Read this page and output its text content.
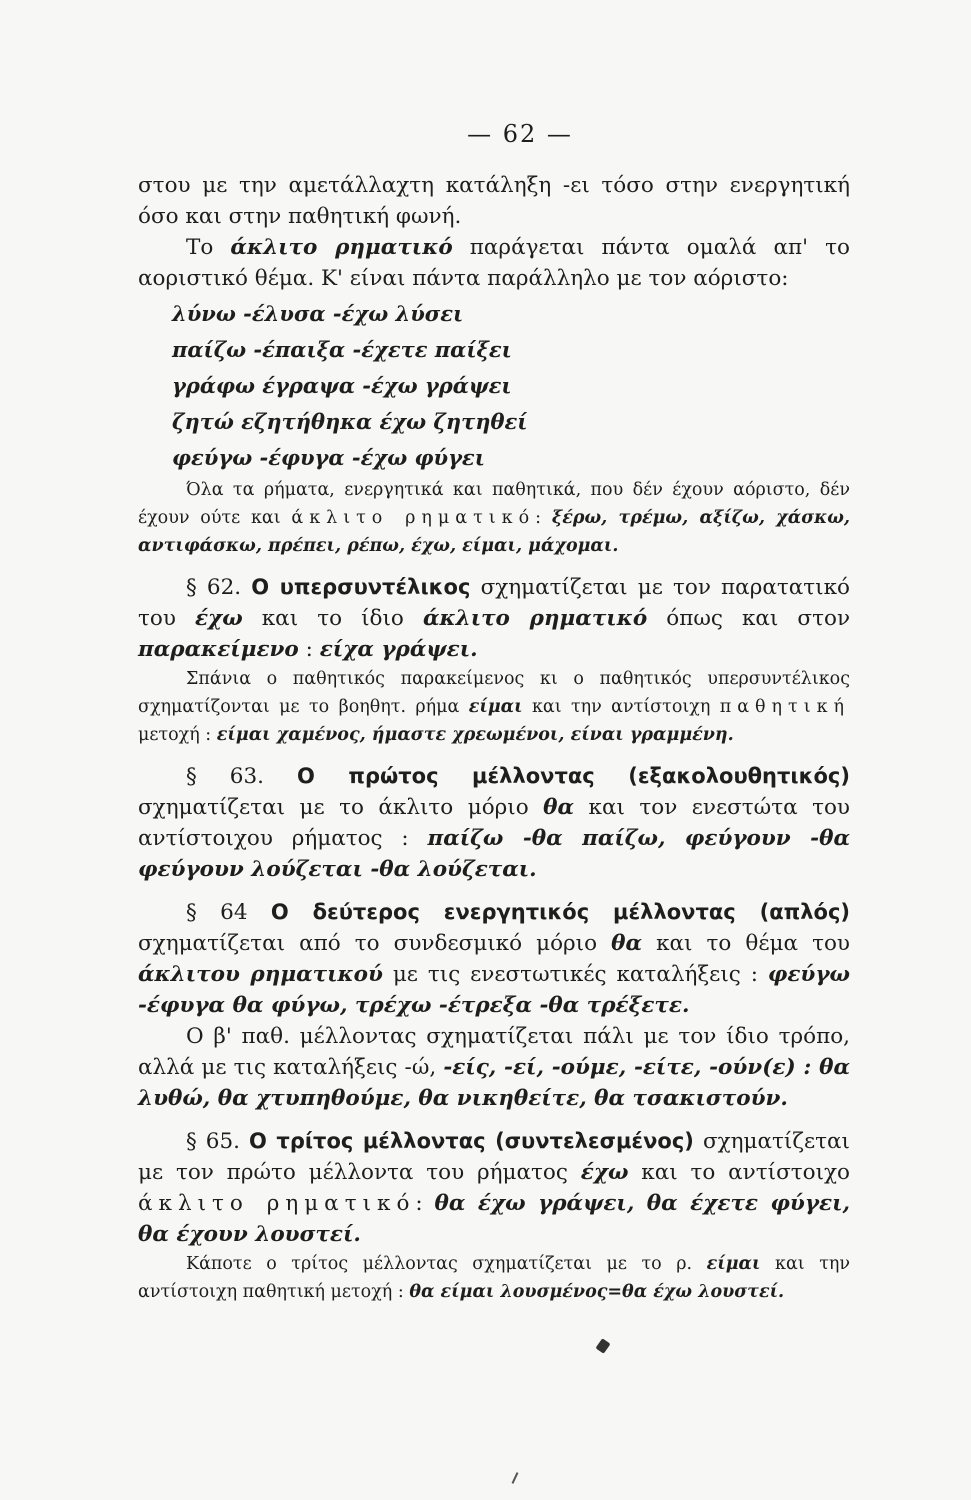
— 62 —

στου με την αμετάλλαχτη κατάληξη -ει τόσο στην ενεργητική όσο και στην παθητική φωνή.

Το άκλιτο ρηματικό παράγεται πάντα ομαλά απ' το αοριστικό θέμα. Κ' είναι πάντα παράλληλο με τον αόριστο:

λύνω -έλυσα -έχω λύσει
παίζω -έπαιξα -έχετε παίξει
γράφω έγραψα -έχω γράψει
ζητώ εζητήθηκα έχω ζητηθεί
φεύγω -έφυγα -έχω φύγει

Όλα τα ρήματα, ενεργητικά και παθητικά, που δέν έχουν αόριστο, δέν έχουν ούτε και άκλιτο ρηματικό: ξέρω, τρέμω, αξίζω, χάσκω, αντιφάσκω, πρέπει, ρέπω, έχω, είμαι, μάχομαι.

§ 62. Ο υπερσυντέλικος σχηματίζεται με τον παρατατικό του έχω και το ίδιο άκλιτο ρηματικό όπως και στον παρακείμενο : είχα γράψει.

Σπάνια ο παθητικός παρακείμενος κι ο παθητικός υπερσυντέλικος σχηματίζονται με το βοηθητ. ρήμα είμαι και την αντίστοιχη παθητική μετοχή : είμαι χαμένος, ήμαστε χρεωμένοι, είναι γραμμένη.

§ 63. Ο πρώτος μέλλοντας (εξακολουθητικός) σχηματίζεται με το άκλιτο μόριο θα και τον ενεστώτα του αντίστοιχου ρήματος : παίζω -θα παίζω, φεύγουν -θα φεύγουν λούζεται -θα λούζεται.

§ 64 Ο δεύτερος ενεργητικός μέλλοντας (απλός) σχηματίζεται από το συνδεσμικό μόριο θα και το θέμα του άκλιτου ρηματικού με τις ενεστωτικές καταλήξεις : φεύγω -έφυγα θα φύγω, τρέχω -έτρεξα -θα τρέξετε.

Ο β' παθ. μέλλοντας σχηματίζεται πάλι με τον ίδιο τρόπο, αλλά με τις καταλήξεις -ώ, -είς, -εί, -ούμε, -είτε, -ούν(ε) : θα λυθώ, θα χτυπηθούμε, θα νικηθείτε, θα τσακιστούν.

§ 65. Ο τρίτος μέλλοντας (συντελεσμένος) σχηματίζεται με τον πρώτο μέλλοντα του ρήματος έχω και το αντίστοιχο άκλιτο ρηματικό: θα έχω γράψει, θα έχετε φύγει, θα έχουν λουστεί.

Κάποτε ο τρίτος μέλλοντας σχηματίζεται με το ρ. είμαι και την αντίστοιχη παθητική μετοχή : θα είμαι λουσμένος=θα έχω λουστεί.
